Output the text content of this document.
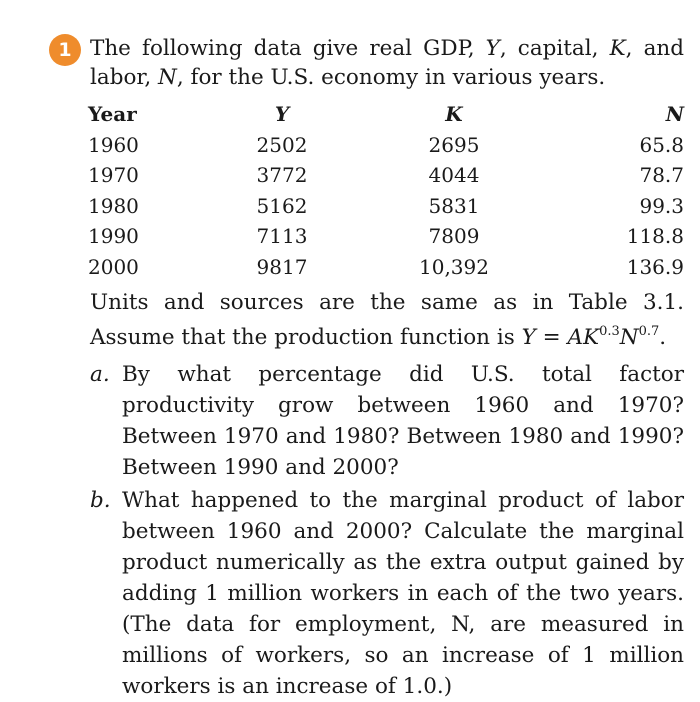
1 The following data give real GDP, Y, capital, K, and labor, N, for the U.S. economy in various years.

Year	Y	K	N
1960	2502	2695	65.8
1970	3772	4044	78.7
1980	5162	5831	99.3
1990	7113	7809	118.8
2000	9817	10,392	136.9

Units and sources are the same as in Table 3.1. Assume that the production function is $Y = AK^{0.3}N^{0.7}$.

a. By what percentage did U.S. total factor productivity grow between 1960 and 1970? Between 1970 and 1980? Between 1980 and 1990? Between 1990 and 2000?
b. What happened to the marginal product of labor between 1960 and 2000? Calculate the marginal product numerically as the extra output gained by adding 1 million workers in each of the two years. (The data for employment, N, are measured in millions of workers, so an increase of 1 million workers is an increase of 1.0.)
